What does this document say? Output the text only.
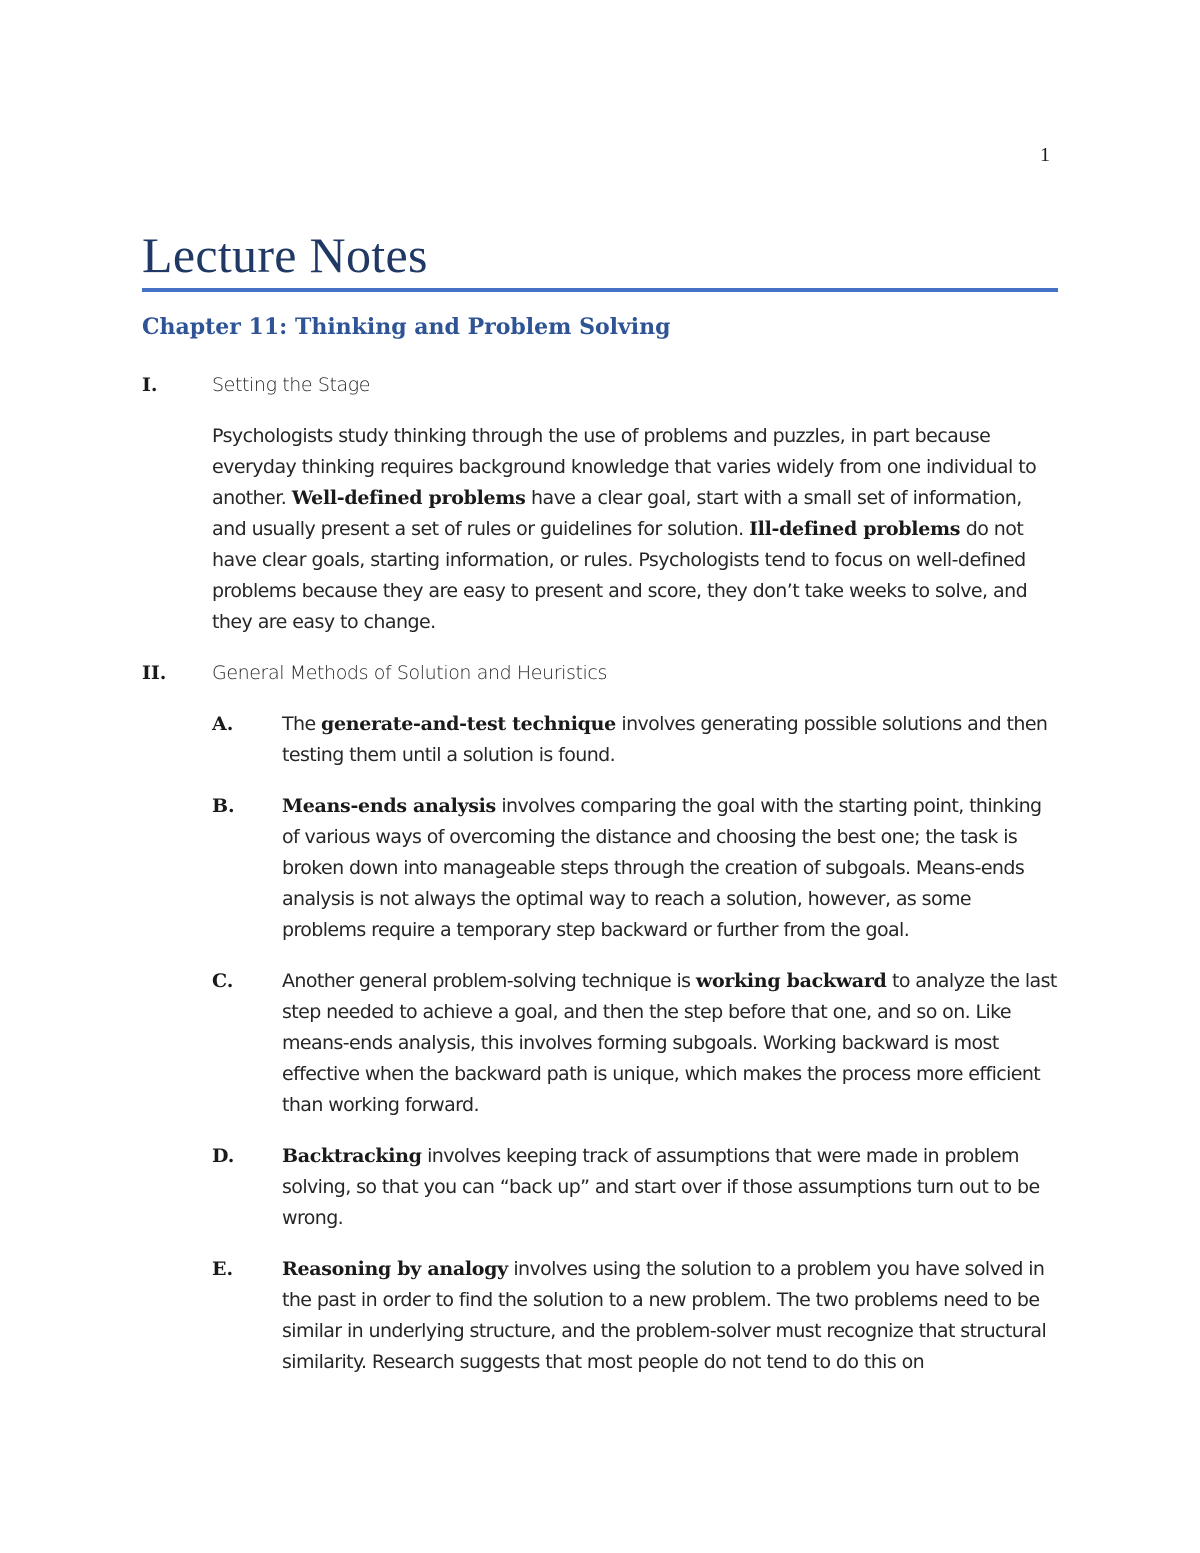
1
Lecture Notes
Chapter 11: Thinking and Problem Solving
I.	Setting the Stage

Psychologists study thinking through the use of problems and puzzles, in part because everyday thinking requires background knowledge that varies widely from one individual to another. Well-defined problems have a clear goal, start with a small set of information, and usually present a set of rules or guidelines for solution. Ill-defined problems do not have clear goals, starting information, or rules. Psychologists tend to focus on well-defined problems because they are easy to present and score, they don’t take weeks to solve, and they are easy to change.

II. General Methods of Solution and Heuristics
A.	The generate-and-test technique involves generating possible solutions and then testing them until a solution is found.

B. Means-ends analysis involves comparing the goal with the starting point, thinking of various ways of overcoming the distance and choosing the best one; the task is broken down into manageable steps through the creation of subgoals. Means-ends analysis is not always the optimal way to reach a solution, however, as some problems require a temporary step backward or further from the goal.

C.	Another general problem-solving technique is working backward to analyze the last step needed to achieve a goal, and then the step before that one, and so on. Like means-ends analysis, this involves forming subgoals. Working backward is most effective when the backward path is unique, which makes the process more efficient than working forward.

D.	Backtracking involves keeping track of assumptions that were made in problem solving, so that you can “back up” and start over if those assumptions turn out to be wrong.

E.	Reasoning by analogy involves using the solution to a problem you have solved in the past in order to find the solution to a new problem. The two problems need to be similar in underlying structure, and the problem-solver must recognize that structural similarity. Research suggests that most people do not tend to do this on
